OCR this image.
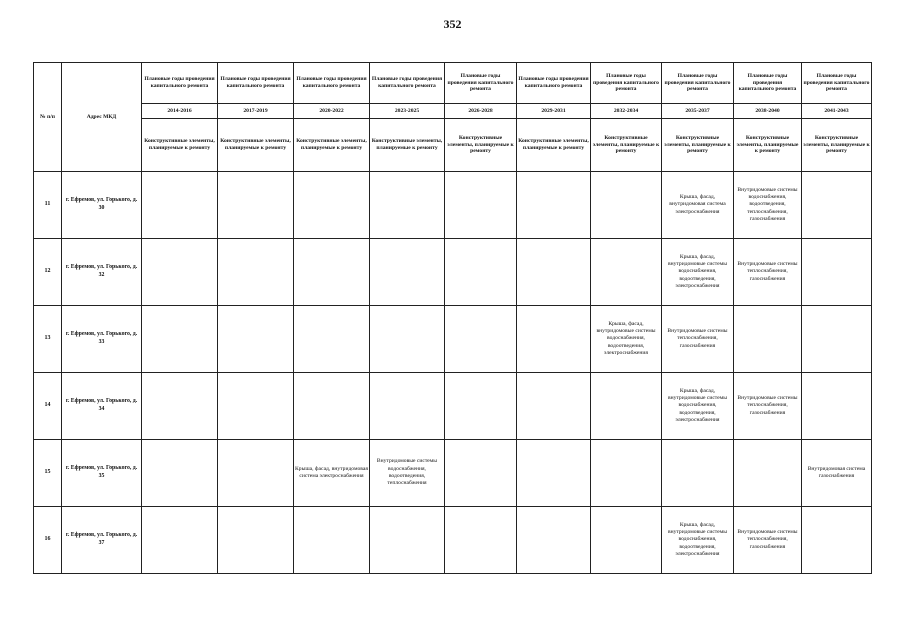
352
№ п/п	Адрес МКД	Плановые годы проведения капитального ремонта	Плановые годы проведения капитального ремонта	Плановые годы проведения капитального ремонта	Плановые годы проведения капитального ремонта	Плановые годы проведения капитального ремонта	Плановые годы проведения капитального ремонта	Плановые годы проведения капитального ремонта	Плановые годы проведения капитального ремонта	Плановые годы проведения капитального ремонта	Плановые годы проведения капитального ремонта
		2014-2016	2017-2019	2020-2022	2023-2025	2026-2028	2029-2031	2032-2034	2035-2037	2038-2040	2041-2043
		Конструктивные элементы, планируемые к ремонту	Конструктивные элементы, планируемые к ремонту	Конструктивные элементы, планируемые к ремонту	Конструктивные элементы, планируемые к ремонту	Конструктивные элементы, планируемые к ремонту	Конструктивные элементы, планируемые к ремонту	Конструктивные элементы, планируемые к ремонту	Конструктивные элементы, планируемые к ремонту	Конструктивные элементы, планируемые к ремонту	Конструктивные элементы, планируемые к ремонту
11	г. Ефремов, ул. Горького, д. 30								Крыша, фасад, внутридомовая система электроснабжения	Внутридомовые системы водоснабжения, водоотведения, теплоснабжения, газоснабжения	
12	г. Ефремов, ул. Горького, д. 32								Крыша, фасад, внутридомовые системы водоснабжения, водоотведения, электроснабжения	Внутридомовые системы теплоснабжения, газоснабжения	
13	г. Ефремов, ул. Горького, д. 33							Крыша, фасад, внутридомовые системы водоснабжения, водоотведения, электроснабжения	Внутридомовые системы теплоснабжения, газоснабжения		
14	г. Ефремов, ул. Горького, д. 34								Крыша, фасад, внутридомовые системы водоснабжения, водоотведения, электроснабжения	Внутридомовые системы теплоснабжения, газоснабжения	
15	г. Ефремов, ул. Горького, д. 35			Крыша, фасад, внутридомовая система электроснабжения	Внутридомовые системы водоснабжения, водоотведения, теплоснабжения						Внутридомовая система газоснабжения
16	г. Ефремов, ул. Горького, д. 37								Крыша, фасад, внутридомовые системы водоснабжения, водоотведения, электроснабжения	Внутридомовые системы теплоснабжения, газоснабжения	
